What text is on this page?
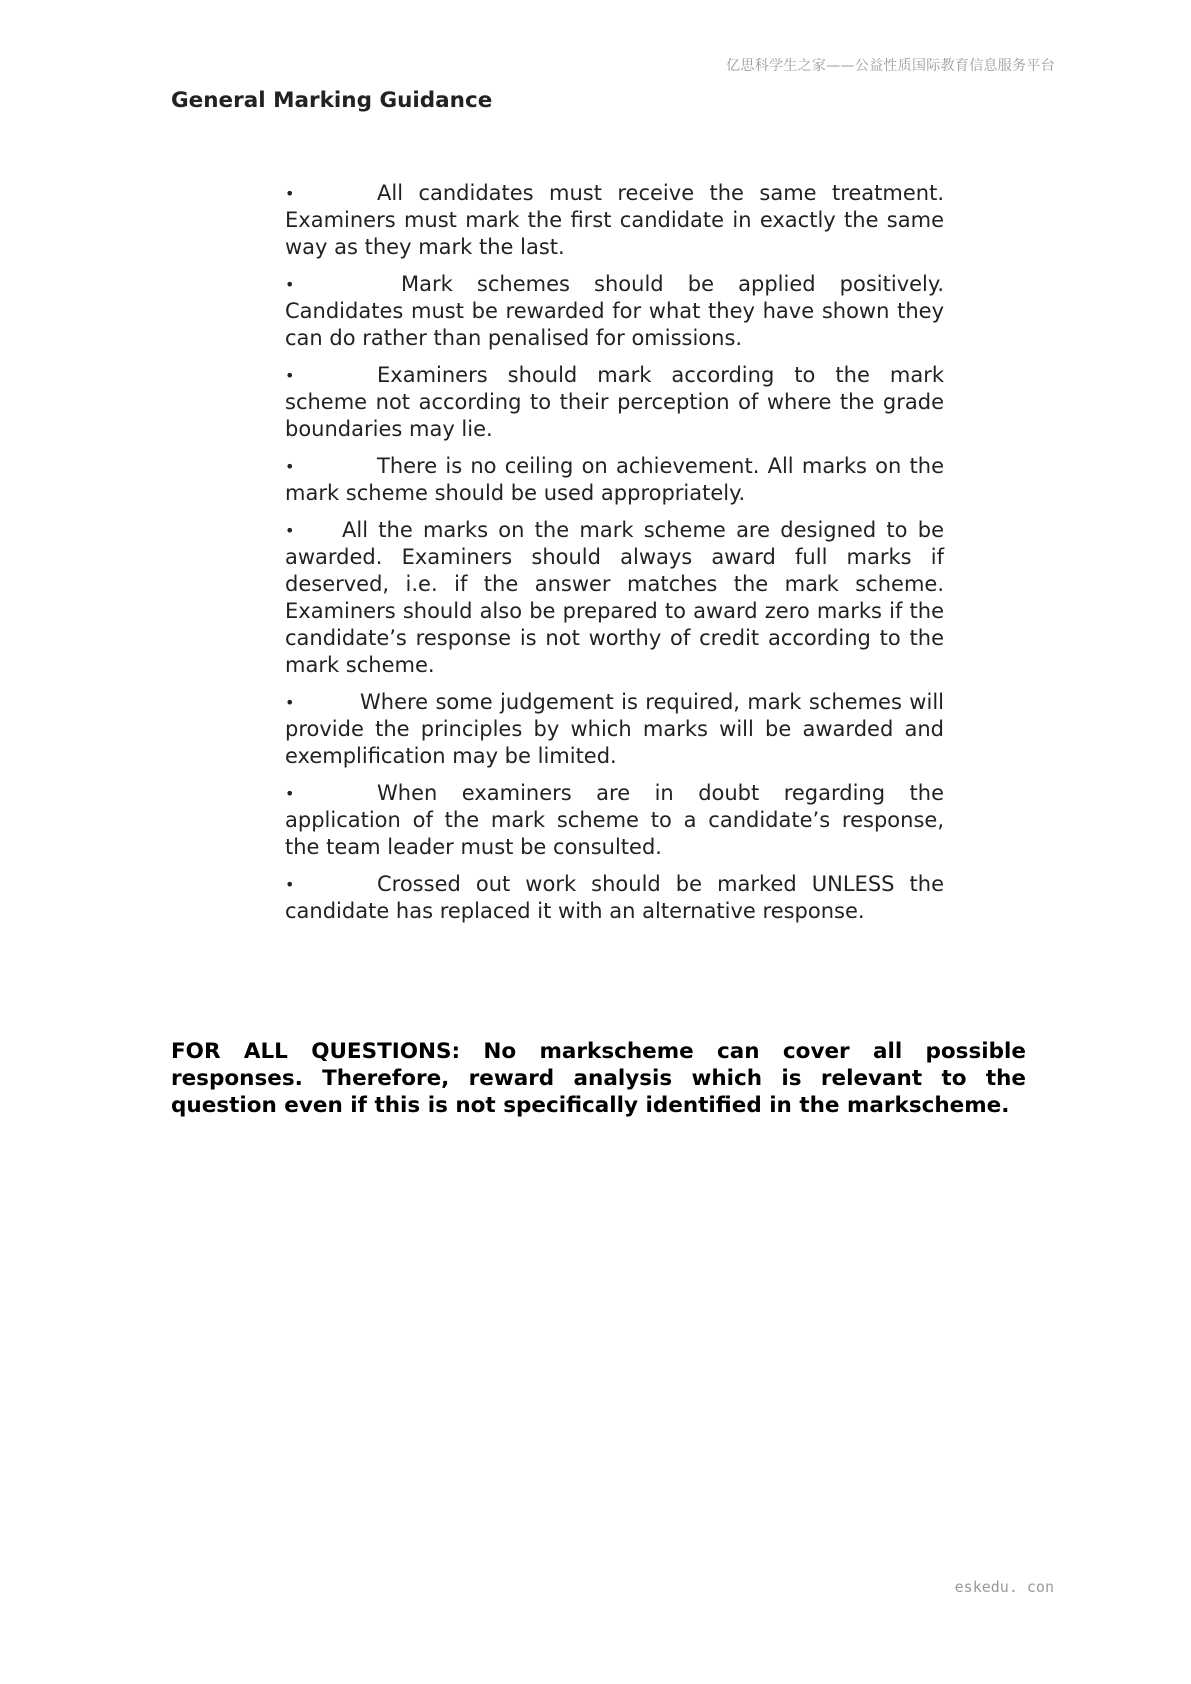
亿思科学生之家——公益性质国际教育信息服务平台
General Marking Guidance
•	All candidates must receive the same treatment. Examiners must mark the first candidate in exactly the same way as they mark the last.
•	Mark schemes should be applied positively. Candidates must be rewarded for what they have shown they can do rather than penalised for omissions.
•	Examiners should mark according to the mark scheme not according to their perception of where the grade boundaries may lie.
•	There is no ceiling on achievement. All marks on the mark scheme should be used appropriately.
• All the marks on the mark scheme are designed to be awarded. Examiners should always award full marks if deserved, i.e. if the answer matches the mark scheme. Examiners should also be prepared to award zero marks if the candidate’s response is not worthy of credit according to the mark scheme.
•	Where some judgement is required, mark schemes will provide the principles by which marks will be awarded and exemplification may be limited.
•	When examiners are in doubt regarding the application of the mark scheme to a candidate’s response, the team leader must be consulted.
•	Crossed out work should be marked UNLESS the candidate has replaced it with an alternative response.

FOR ALL QUESTIONS: No markscheme can cover all possible responses. Therefore, reward analysis which is relevant to the question even if this is not specifically identified in the markscheme.

eskedu. con
